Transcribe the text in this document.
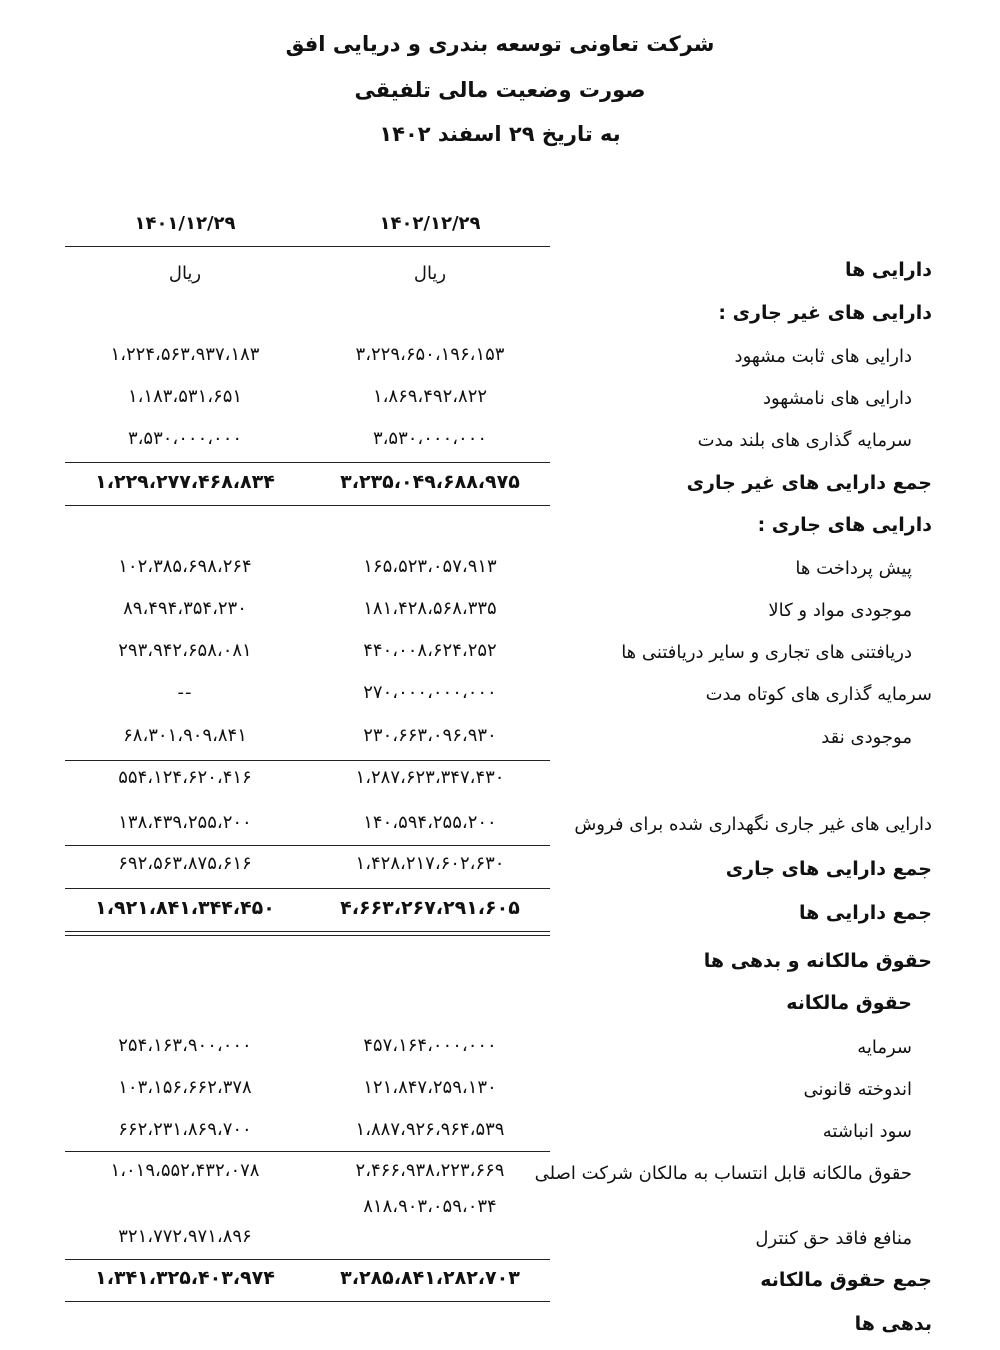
شرکت تعاونی توسعه بندری و دریایی افق
صورت وضعیت مالی تلفیقی
به تاریخ ۲۹ اسفند ۱۴۰۲
۱۴۰۲/۱۲/۲۹
۱۴۰۱/۱۲/۲۹
دارایی ها
ریال
ریال
دارایی های غیر جاری :
دارایی های ثابت مشهود
۳،۲۲۹،۶۵۰،۱۹۶،۱۵۳
۱،۲۲۴،۵۶۳،۹۳۷،۱۸۳
دارایی های نامشهود
۱،۸۶۹،۴۹۲،۸۲۲
۱،۱۸۳،۵۳۱،۶۵۱
سرمایه گذاری های بلند مدت
۳،۵۳۰،۰۰۰،۰۰۰
۳،۵۳۰،۰۰۰،۰۰۰
جمع دارایی های غیر جاری
۳،۲۳۵،۰۴۹،۶۸۸،۹۷۵
۱،۲۲۹،۲۷۷،۴۶۸،۸۳۴
دارایی های جاری :
پیش پرداخت ها
۱۶۵،۵۲۳،۰۵۷،۹۱۳
۱۰۲،۳۸۵،۶۹۸،۲۶۴
موجودی مواد و کالا
۱۸۱،۴۲۸،۵۶۸،۳۳۵
۸۹،۴۹۴،۳۵۴،۲۳۰
دریافتنی های تجاری و سایر دریافتنی ها
۴۴۰،۰۰۸،۶۲۴،۲۵۲
۲۹۳،۹۴۲،۶۵۸،۰۸۱
سرمایه گذاری های کوتاه مدت
۲۷۰،۰۰۰،۰۰۰،۰۰۰
--
موجودی نقد
۲۳۰،۶۶۳،۰۹۶،۹۳۰
۶۸،۳۰۱،۹۰۹،۸۴۱
۱،۲۸۷،۶۲۳،۳۴۷،۴۳۰
۵۵۴،۱۲۴،۶۲۰،۴۱۶
دارایی های غیر جاری نگهداری شده برای فروش
۱۴۰،۵۹۴،۲۵۵،۲۰۰
۱۳۸،۴۳۹،۲۵۵،۲۰۰
جمع دارایی های جاری
۱،۴۲۸،۲۱۷،۶۰۲،۶۳۰
۶۹۲،۵۶۳،۸۷۵،۶۱۶
جمع دارایی ها
۴،۶۶۳،۲۶۷،۲۹۱،۶۰۵
۱،۹۲۱،۸۴۱،۳۴۴،۴۵۰
حقوق مالکانه و بدهی ها
حقوق مالکانه
سرمایه
۴۵۷،۱۶۴،۰۰۰،۰۰۰
۲۵۴،۱۶۳،۹۰۰،۰۰۰
اندوخته قانونی
۱۲۱،۸۴۷،۲۵۹،۱۳۰
۱۰۳،۱۵۶،۶۶۲،۳۷۸
سود انباشته
۱،۸۸۷،۹۲۶،۹۶۴،۵۳۹
۶۶۲،۲۳۱،۸۶۹،۷۰۰
حقوق مالکانه قابل انتساب به مالکان شرکت اصلی
۲،۴۶۶،۹۳۸،۲۲۳،۶۶۹
۱،۰۱۹،۵۵۲،۴۳۲،۰۷۸
۸۱۸،۹۰۳،۰۵۹،۰۳۴
منافع فاقد حق کنترل
۳۲۱،۷۷۲،۹۷۱،۸۹۶
جمع حقوق مالکانه
۳،۲۸۵،۸۴۱،۲۸۲،۷۰۳
۱،۳۴۱،۳۲۵،۴۰۳،۹۷۴
بدهی ها
